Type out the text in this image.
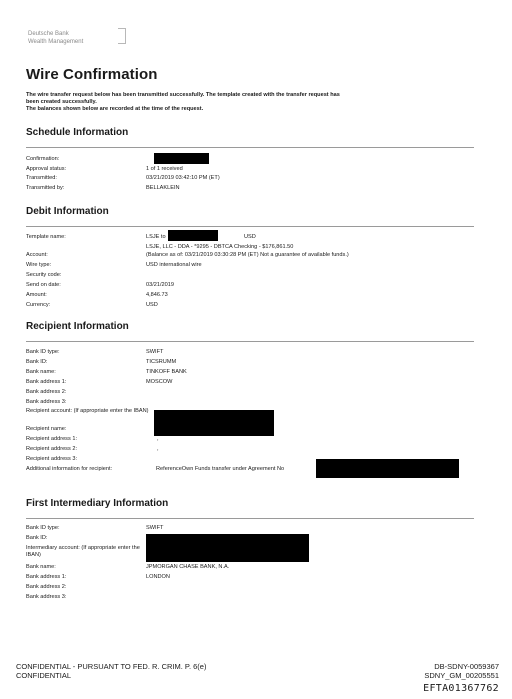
Deutsche Bank
Wealth Management
Wire Confirmation
The wire transfer request below has been transmitted successfully. The template created with the transfer request has
been created successfully.
The balances shown below are recorded at the time of the request.
Schedule Information
Confirmation:
Approval status:	1 of 1 received
Transmitted:	03/21/2019 03:42:10 PM (ET)
Transmitted by:	BELLAKLEIN
Debit Information
Template name:	LSJE to	USD
LSJE, LLC - DDA - *9295 - DBTCA Checking - $176,861.50
Account:	(Balance as of: 03/21/2019 03:30:28 PM (ET) Not a guarantee of available funds.)
Wire type:	USD international wire
Security code:
Send on date:	03/21/2019
Amount:	4,846.73
Currency:	USD
Recipient Information
Bank ID type:	SWIFT
Bank ID:	TICSRUMM
Bank name:	TINKOFF BANK
Bank address 1:	MOSCOW
Bank address 2:
Bank address 3:
Recipient account: (If appropriate enter the IBAN)
Recipient name:
Recipient address 1:	,
Recipient address 2:	,
Recipient address 3:
Additional information for recipient:	ReferenceOwn Funds transfer under Agreement No
First Intermediary Information
Bank ID type:	SWIFT
Bank ID:
Intermediary account: (If appropriate enter the IBAN)
Bank name:	JPMORGAN CHASE BANK, N.A.
Bank address 1:	LONDON
Bank address 2:
Bank address 3:
CONFIDENTIAL - PURSUANT TO FED. R. CRIM. P. 6(e)
CONFIDENTIAL
DB-SDNY-0059367
SDNY_GM_00205551
EFTA01367762
